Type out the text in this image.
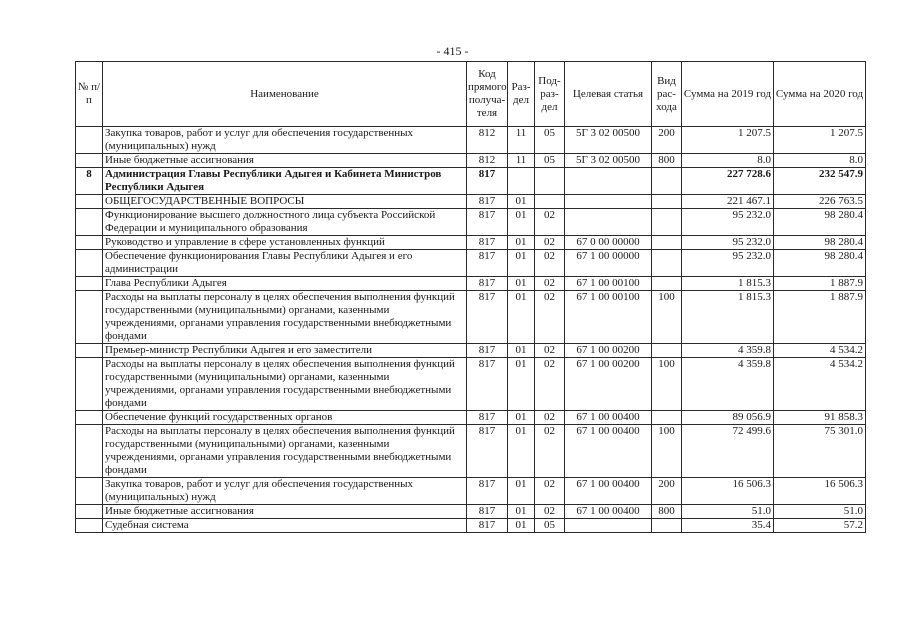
- 415 -
№ п/п	Наименование	Код прямого получа-теля	Раз-дел	Под-раз-дел	Целевая статья	Вид рас-хода	Сумма на 2019 год	Сумма на 2020 год
	Закупка товаров, работ и услуг для обеспечения государственных (муниципальных) нужд	812	11	05	5Г 3 02 00500	200	1 207.5	1 207.5
	Иные бюджетные ассигнования	812	11	05	5Г 3 02 00500	800	8.0	8.0
8	Администрация Главы Республики Адыгея и Кабинета Министров Республики Адыгея	817					227 728.6	232 547.9
	ОБЩЕГОСУДАРСТВЕННЫЕ ВОПРОСЫ	817	01				221 467.1	226 763.5
	Функционирование высшего должностного лица субъекта Российской Федерации и муниципального образования	817	01	02			95 232.0	98 280.4
	Руководство и управление в сфере установленных функций	817	01	02	67 0 00 00000		95 232.0	98 280.4
	Обеспечение функционирования Главы Республики Адыгея и его администрации	817	01	02	67 1 00 00000		95 232.0	98 280.4
	Глава Республики Адыгея	817	01	02	67 1 00 00100		1 815.3	1 887.9
	Расходы на выплаты персоналу в целях обеспечения выполнения функций государственными (муниципальными) органами, казенными учреждениями, органами управления государственными внебюджетными фондами	817	01	02	67 1 00 00100	100	1 815.3	1 887.9
	Премьер-министр Республики Адыгея и его заместители	817	01	02	67 1 00 00200		4 359.8	4 534.2
	Расходы на выплаты персоналу в целях обеспечения выполнения функций государственными (муниципальными) органами, казенными учреждениями, органами управления государственными внебюджетными фондами	817	01	02	67 1 00 00200	100	4 359.8	4 534.2
	Обеспечение функций государственных органов	817	01	02	67 1 00 00400		89 056.9	91 858.3
	Расходы на выплаты персоналу в целях обеспечения выполнения функций государственными (муниципальными) органами, казенными учреждениями, органами управления государственными внебюджетными фондами	817	01	02	67 1 00 00400	100	72 499.6	75 301.0
	Закупка товаров, работ и услуг для обеспечения государственных (муниципальных) нужд	817	01	02	67 1 00 00400	200	16 506.3	16 506.3
	Иные бюджетные ассигнования	817	01	02	67 1 00 00400	800	51.0	51.0
	Судебная система	817	01	05			35.4	57.2
